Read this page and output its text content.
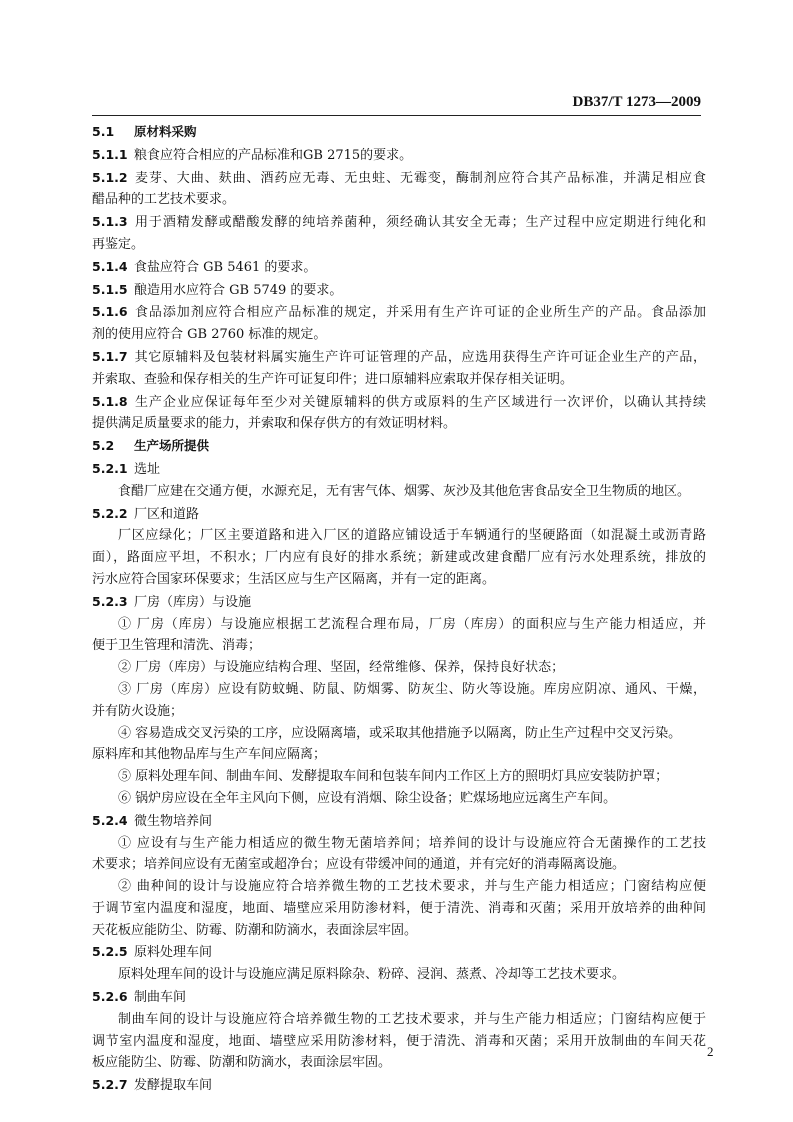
DB37/T 1273—2009
5.1 原材料采购
5.1.1 粮食应符合相应的产品标准和GB 2715的要求。
5.1.2 麦芽、大曲、麸曲、酒药应无毒、无虫蛀、无霉变，酶制剂应符合其产品标准，并满足相应食
醋品种的工艺技术要求。
5.1.3 用于酒精发酵或醋酸发酵的纯培养菌种，须经确认其安全无毒；生产过程中应定期进行纯化和
再鉴定。
5.1.4 食盐应符合 GB 5461 的要求。
5.1.5 酿造用水应符合 GB 5749 的要求。
5.1.6 食品添加剂应符合相应产品标准的规定，并采用有生产许可证的企业所生产的产品。食品添加
剂的使用应符合 GB 2760 标准的规定。
5.1.7 其它原辅料及包装材料属实施生产许可证管理的产品，应选用获得生产许可证企业生产的产品，
并索取、查验和保存相关的生产许可证复印件；进口原辅料应索取并保存相关证明。
5.1.8 生产企业应保证每年至少对关键原辅料的供方或原料的生产区域进行一次评价，以确认其持续
提供满足质量要求的能力，并索取和保存供方的有效证明材料。
5.2 生产场所提供
5.2.1 选址
食醋厂应建在交通方便，水源充足，无有害气体、烟雾、灰沙及其他危害食品安全卫生物质的地区。
5.2.2 厂区和道路
厂区应绿化；厂区主要道路和进入厂区的道路应铺设适于车辆通行的坚硬路面（如混凝土或沥青路
面），路面应平坦，不积水；厂内应有良好的排水系统；新建或改建食醋厂应有污水处理系统，排放的
污水应符合国家环保要求；生活区应与生产区隔离，并有一定的距离。
5.2.3 厂房（库房）与设施
① 厂房（库房）与设施应根据工艺流程合理布局，厂房（库房）的面积应与生产能力相适应，并
便于卫生管理和清洗、消毒；
② 厂房（库房）与设施应结构合理、坚固，经常维修、保养，保持良好状态；
③ 厂房（库房）应设有防蚊蝇、防鼠、防烟雾、防灰尘、防火等设施。库房应阴凉、通风、干燥，
并有防火设施；
④ 容易造成交叉污染的工序，应设隔离墙，或采取其他措施予以隔离，防止生产过程中交叉污染。
原料库和其他物品库与生产车间应隔离；
⑤ 原料处理车间、制曲车间、发酵提取车间和包装车间内工作区上方的照明灯具应安装防护罩；
⑥ 锅炉房应设在全年主风向下侧，应设有消烟、除尘设备；贮煤场地应远离生产车间。
5.2.4 微生物培养间
① 应设有与生产能力相适应的微生物无菌培养间；培养间的设计与设施应符合无菌操作的工艺技
术要求；培养间应设有无菌室或超净台；应设有带缓冲间的通道，并有完好的消毒隔离设施。
② 曲种间的设计与设施应符合培养微生物的工艺技术要求，并与生产能力相适应；门窗结构应便
于调节室内温度和湿度，地面、墙壁应采用防渗材料，便于清洗、消毒和灭菌；采用开放培养的曲种间
天花板应能防尘、防霉、防潮和防滴水，表面涂层牢固。
5.2.5 原料处理车间
原料处理车间的设计与设施应满足原料除杂、粉碎、浸润、蒸煮、冷却等工艺技术要求。
5.2.6 制曲车间
制曲车间的设计与设施应符合培养微生物的工艺技术要求，并与生产能力相适应；门窗结构应便于
调节室内温度和湿度，地面、墙壁应采用防渗材料，便于清洗、消毒和灭菌；采用开放制曲的车间天花
板应能防尘、防霉、防潮和防滴水，表面涂层牢固。
5.2.7 发酵提取车间
2
